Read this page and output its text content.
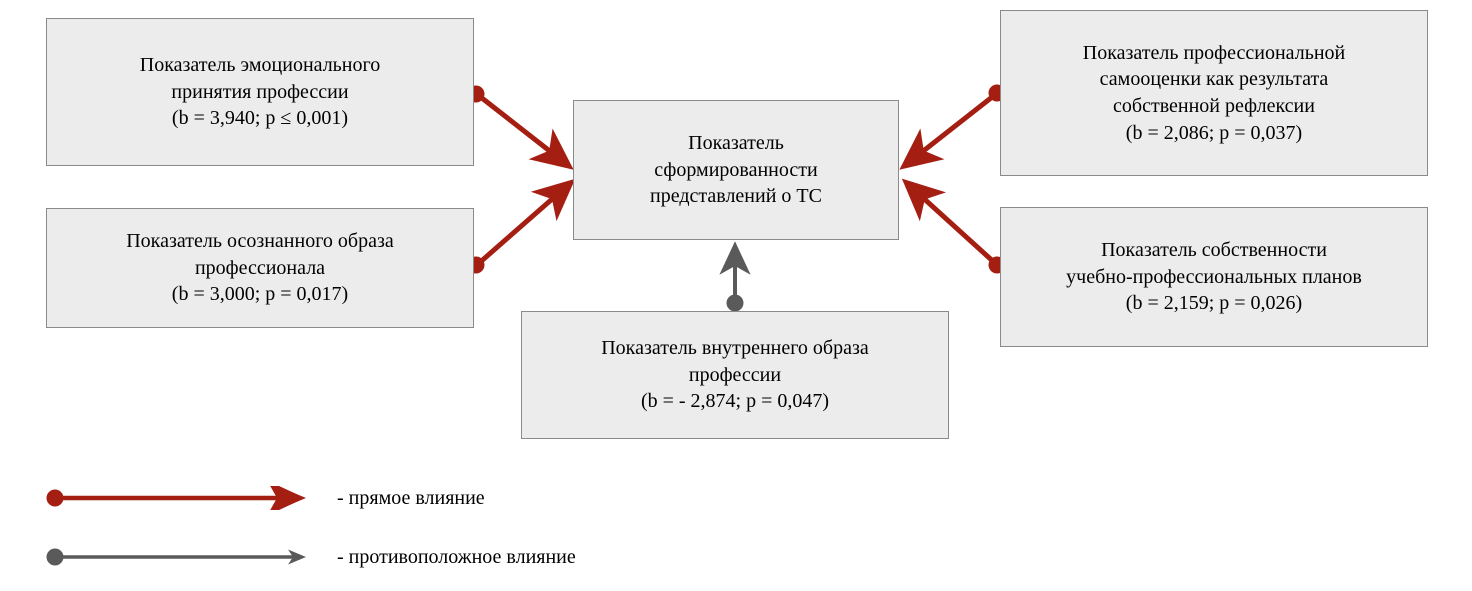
Показатель эмоционального
принятия профессии
(b = 3,940; p ≤ 0,001)
Показатель осознанного образа
профессионала
(b = 3,000; p = 0,017)
Показатель
сформированности
представлений о ТС
Показатель профессиональной
самооценки как результата
собственной рефлексии
(b = 2,086; p = 0,037)
Показатель собственности
учебно-профессиональных планов
(b = 2,159; p = 0,026)
Показатель внутреннего образа
профессии
(b = - 2,874; p = 0,047)
- прямое влияние
- противоположное влияние
